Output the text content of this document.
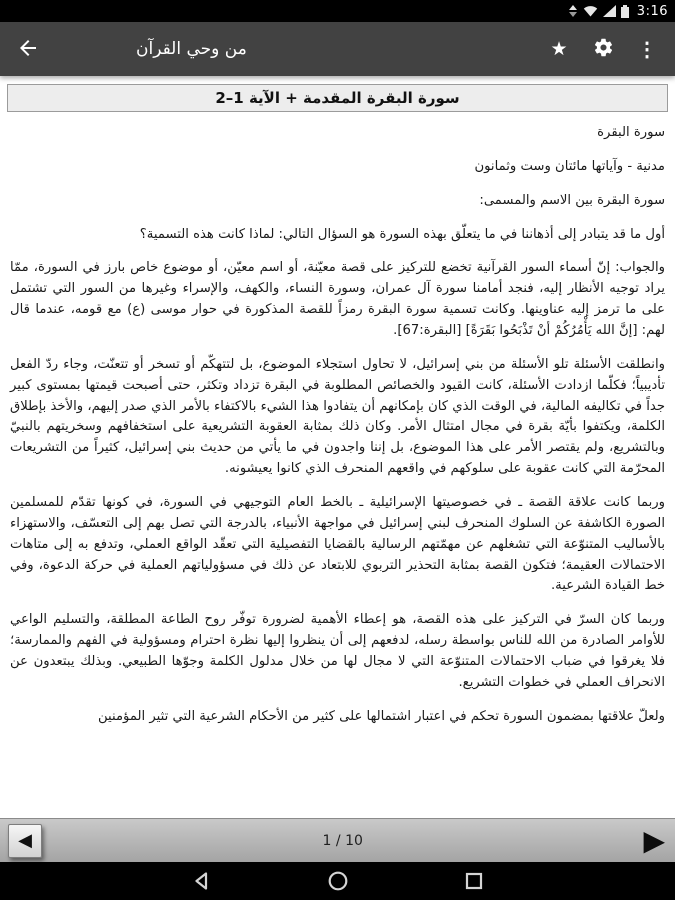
3:16
من وحي القرآن	★	⋮
سورة البقرة المقدمة + الآية 1–2

سورة البقرة

مدنية - وآياتها مائتان وست وثمانون

سورة البقرة بين الاسم والمسمى:

أول ما قد يتبادر إلى أذهاننا في ما يتعلّق بهذه السورة هو السؤال التالي: لماذا كانت هذه التسمية؟

والجواب: إنّ أسماء السور القرآنية تخضع للتركيز على قصة معيّنة، أو اسم معيّن، أو موضوع خاص بارز في السورة، ممّا يراد توجيه الأنظار إليه، فنجد أمامنا سورة آل عمران، وسورة النساء، والكهف، والإسراء وغيرها من السور التي تشتمل على ما ترمز إليه عناوينها. وكانت تسمية سورة البقرة رمزاً للقصة المذكورة في حوار موسى (ع) مع قومه، عندما قال لهم: [إنَّ الله يَأْمُرُكُمْ أنْ تَذْبَحُوا بَقَرَةً] [البقرة:67].

وانطلقت الأسئلة تلو الأسئلة من بني إسرائيل، لا تحاول استجلاء الموضوع، بل لتتهكّم أو تسخر أو تتعنّت، وجاء ردّ الفعل تأديبياً؛ فكلّما ازدادت الأسئلة، كانت القيود والخصائص المطلوبة في البقرة تزداد وتكثر، حتى أصبحت قيمتها بمستوى كبير جداً في تكاليفه المالية، في الوقت الذي كان بإمكانهم أن يتفادوا هذا الشيء بالاكتفاء بالأمر الذي صدر إليهم، والأخذ بإطلاق الكلمة، ويكتفوا بأيّة بقرة في مجال امتثال الأمر. وكان ذلك بمثابة العقوبة التشريعية على استخفافهم وسخريتهم بالنبيّ وبالتشريع، ولم يقتصر الأمر على هذا الموضوع، بل إننا واجدون في ما يأتي من حديث بني إسرائيل، كثيراً من التشريعات المحرّمة التي كانت عقوبة على سلوكهم في واقعهم المنحرف الذي كانوا يعيشونه.

وربما كانت علاقة القصة ـ في خصوصيتها الإسرائيلية ـ بالخط العام التوجيهي في السورة، في كونها تقدّم للمسلمين الصورة الكاشفة عن السلوك المنحرف لبني إسرائيل في مواجهة الأنبياء، بالدرجة التي تصل بهم إلى التعسّف، والاستهزاء بالأساليب المتنوّعة التي تشغلهم عن مهمّتهم الرسالية بالقضايا التفصيلية التي تعقّد الواقع العملي، وتدفع به إلى متاهات الاحتمالات العقيمة؛ فتكون القصة بمثابة التحذير التربوي للابتعاد عن ذلك في مسؤولياتهم العملية في حركة الدعوة، وفي خط القيادة الشرعية.

وربما كان السرّ في التركيز على هذه القصة، هو إعطاء الأهمية لضرورة توفّر روح الطاعة المطلقة، والتسليم الواعي للأوامر الصادرة من الله للناس بواسطة رسله، لدفعهم إلى أن ينظروا إليها نظرة احترام ومسؤولية في الفهم والممارسة؛ فلا يغرقوا في ضباب الاحتمالات المتنوّعة التي لا مجال لها من خلال مدلول الكلمة وجوّها الطبيعي. وبذلك يبتعدون عن الانحراف العملي في خطوات التشريع.

ولعلّ علاقتها بمضمون السورة تحكم في اعتبار اشتمالها على كثير من الأحكام الشرعية التي تثير المؤمنين

◀	1 / 10	▶
